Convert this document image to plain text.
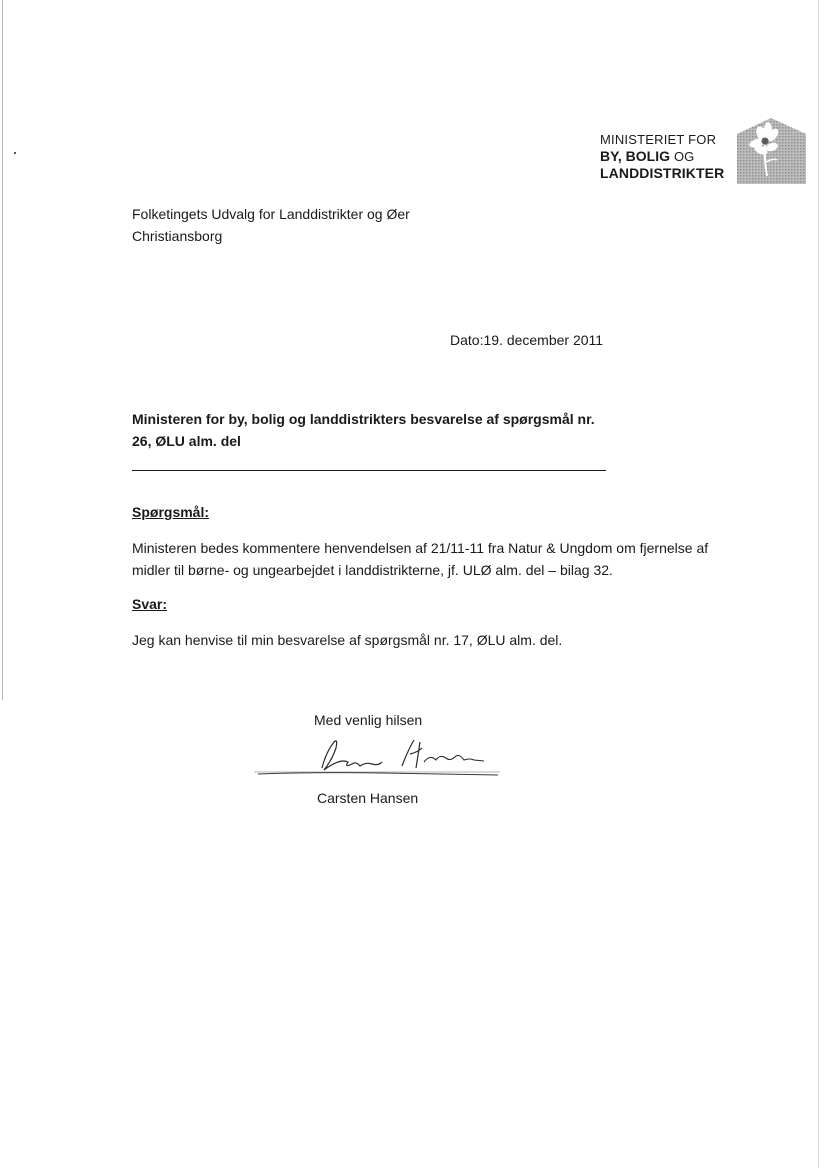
MINISTERIET FOR
BY, BOLIG OG
LANDDISTRIKTER

Folketingets Udvalg for Landdistrikter og Øer
Christiansborg

Dato:19. december 2011

Ministeren for by, bolig og landdistrikters besvarelse af spørgsmål nr. 26, ØLU alm. del

Spørgsmål:

Ministeren bedes kommentere henvendelsen af 21/11-11 fra Natur & Ungdom om fjernelse af midler til børne- og ungearbejdet i landdistrikterne, jf. ULØ alm. del – bilag 32.

Svar:

Jeg kan henvise til min besvarelse af spørgsmål nr. 17, ØLU alm. del.

Med venlig hilsen

Carsten Hansen
